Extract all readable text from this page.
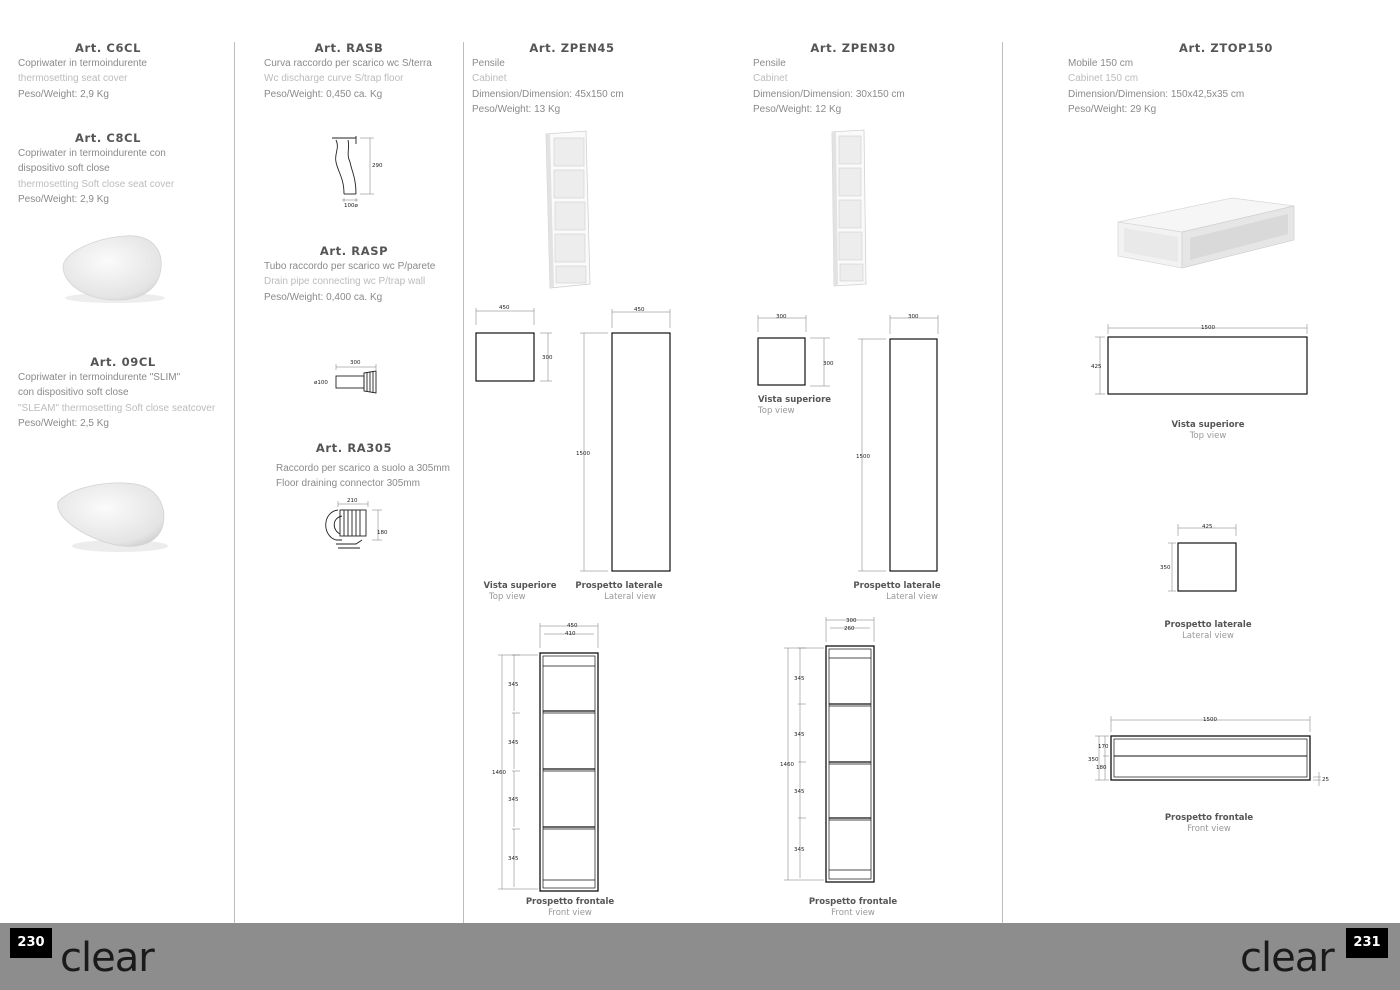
Art. C6CL
Copriwater in termoindurente
thermosetting seat cover
Peso/Weight: 2,9 Kg
Art. C8CL
Copriwater in termoindurente con
dispositivo soft close
thermosetting Soft close seat cover
Peso/Weight: 2,9 Kg
Art. 09CL
Copriwater in termoindurente "SLIM"
con dispositivo soft close
"SLEAM" thermosetting Soft close seatcover
Peso/Weight: 2,5 Kg
Art. RASB
Curva raccordo per scarico wc S/terra
Wc discharge curve S/trap floor
Peso/Weight: 0,450 ca. Kg
290
100ø
Art. RASP
Tubo raccordo per scarico wc P/parete
Drain pipe connecting wc P/trap wall
Peso/Weight: 0,400 ca. Kg
300
ø100
Art. RA305
Raccordo per scarico a suolo a 305mm
Floor draining connector 305mm
210
180
Art. ZPEN45
Pensile
Cabinet
Dimension/Dimension: 45x150 cm
Peso/Weight: 13 Kg
450
300
450
1500
Vista superiore
Top view
Prospetto laterale
Lateral view
450
410
1460
345
345
345
345
Prospetto frontale
Front view
Art. ZPEN30
Pensile
Cabinet
Dimension/Dimension: 30x150 cm
Peso/Weight: 12 Kg
300
300
Vista superiore
Top view
300
1500
Prospetto laterale
Lateral view
300
260
1460
345
345
345
345
Prospetto frontale
Front view
Art. ZTOP150
Mobile 150 cm
Cabinet 150 cm
Dimension/Dimension: 150x42,5x35 cm
Peso/Weight: 29 Kg
1500
425
Vista superiore
Top view
425
350
Prospetto laterale
Lateral view
1500
350
170
180
25
Prospetto frontale
Front view
230 clear	clear	231
